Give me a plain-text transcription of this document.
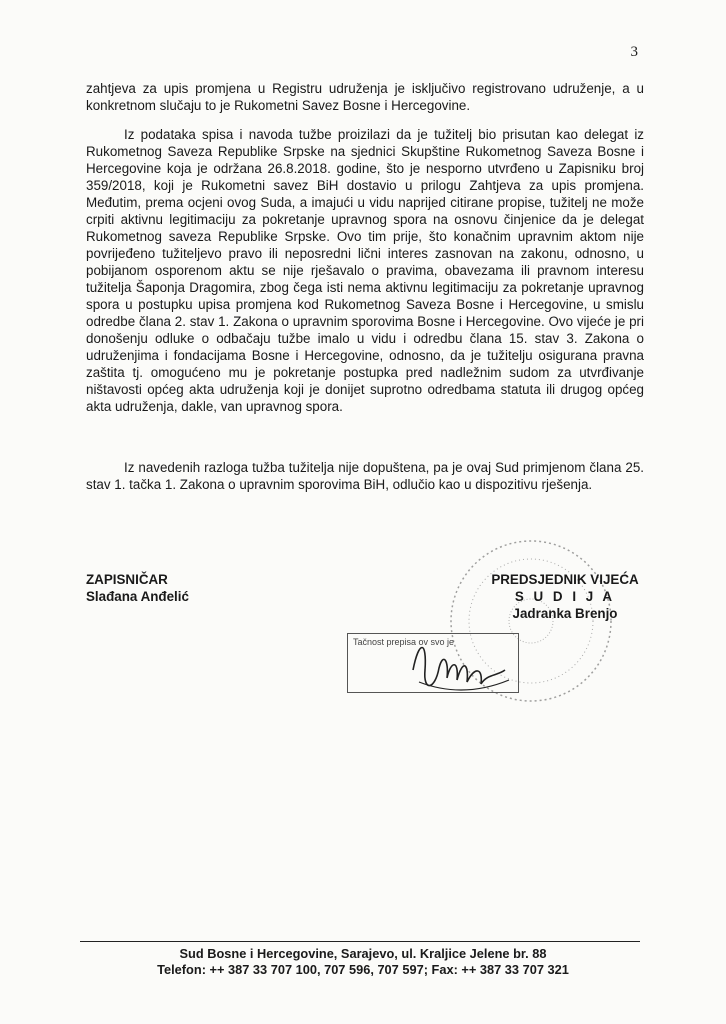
3
zahtjeva za upis promjena u Registru udruženja je isključivo registrovano udruženje, a u konkretnom slučaju to je Rukometni Savez Bosne i Hercegovine.
Iz podataka spisa i navoda tužbe proizilazi da je tužitelj bio prisutan kao delegat iz Rukometnog Saveza Republike Srpske na sjednici Skupštine Rukometnog Saveza Bosne i Hercegovine koja je održana 26.8.2018. godine, što je nesporno utvrđeno u Zapisniku broj 359/2018, koji je Rukometni savez BiH dostavio u prilogu Zahtjeva za upis promjena. Međutim, prema ocjeni ovog Suda, a imajući u vidu naprijed citirane propise, tužitelj ne može crpiti aktivnu legitimaciju za pokretanje upravnog spora na osnovu činjenice da je delegat Rukometnog saveza Republike Srpske. Ovo tim prije, što konačnim upravnim aktom nije povrijeđeno tužiteljevo pravo ili neposredni lični interes zasnovan na zakonu, odnosno, u pobijanom osporenom aktu se nije rješavalo o pravima, obavezama ili pravnom interesu tužitelja Šaponja Dragomira, zbog čega isti nema aktivnu legitimaciju za pokretanje upravnog spora u postupku upisa promjena kod Rukometnog Saveza Bosne i Hercegovine, u smislu odredbe člana 2. stav 1. Zakona o upravnim sporovima Bosne i Hercegovine. Ovo vijeće je pri donošenju odluke o odbačaju tužbe imalo u vidu i odredbu člana 15. stav 3. Zakona o udruženjima i fondacijama Bosne i Hercegovine, odnosno, da je tužitelju osigurana pravna zaštita tj. omogućeno mu je pokretanje postupka pred nadležnim sudom za utvrđivanje ništavosti općeg akta udruženja koji je donijet suprotno odredbama statuta ili drugog općeg akta udruženja, dakle, van upravnog spora.
Iz navedenih razloga tužba tužitelja nije dopuštena, pa je ovaj Sud primjenom člana 25. stav 1. tačka 1. Zakona o upravnim sporovima BiH, odlučio kao u dispozitivu rješenja.
ZAPISNIČAR
Slađana Anđelić
PREDSJEDNIK VIJEĆA
S U D I J A
Jadranka Brenjo
Tačnost prepisa ov svo je
Sud Bosne i Hercegovine, Sarajevo, ul. Kraljice Jelene br. 88
Telefon: ++ 387 33 707 100, 707 596, 707 597; Fax: ++ 387 33 707 321
